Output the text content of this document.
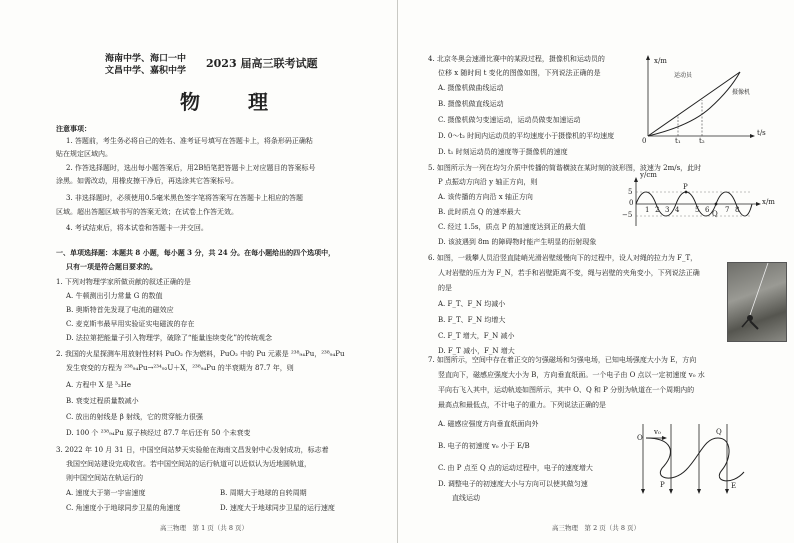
海南中学、海口一中
文昌中学、嘉积中学
2023 届高三联考试题
物　理
注意事项：
1. 答题前，考生务必将自己的姓名、准考证号填写在答题卡上，将条形码正确粘
贴在规定区域内。
2. 作答选择题时，选出每小题答案后，用2B铅笔把答题卡上对应题目的答案标号
涂黑。如需改动，用橡皮擦干净后，再选涂其它答案标号。
3. 非选择题时，必须使用0.5毫米黑色签字笔将答案写在答题卡上相应的答题
区域。超出答题区域书写的答案无效；在试卷上作答无效。
4. 考试结束后，将本试卷和答题卡一并交回。
一、单项选择题：本题共 8 小题，每小题 3 分，共 24 分。在每小题给出的四个选项中，
只有一项是符合题目要求的。
1. 下列对物理学家所做贡献的叙述正确的是
A. 牛顿测出引力常量 G 的数值
B. 奥斯特首先发现了电流的磁效应
C. 麦克斯韦最早用实验证实电磁波的存在
D. 法拉第把能量子引入物理学，破除了“能量连续变化”的传统观念
2. 我国的火星探测车用放射性材料 PuO₂ 作为燃料，PuO₂ 中的 Pu 元素是 ²³⁸₉₄Pu，²³⁸₉₄Pu
发生衰变的方程为 ²³⁸₉₄Pu→²³⁴₉₂U＋X，²³⁸₉₄Pu 的半衰期为 87.7 年，则
A. 方程中 X 是 ³₂He
B. 衰变过程质量数减小
C. 放出的射线是 β 射线，它的贯穿能力很强
D. 100 个 ²³⁸₉₄Pu 原子核经过 87.7 年后还有 50 个未衰变
3. 2022 年 10 月 31 日，中国空间站梦天实验舱在海南文昌发射中心发射成功，标志着
我国空间站建设完成收官。若中国空间站的运行轨道可以近似认为近地圆轨道，
则中国空间站在轨运行的
A. 速度大于第一宇宙速度	B. 周期大于地球的自转周期
C. 角速度小于地球同步卫星的角速度	D. 速度大于地球同步卫星的运行速度
高三物理　第 1 页（共 8 页）
4. 北京冬奥会速滑比赛中的某段过程，摄像机和运动员的
位移 x 随时间 t 变化的图像如图，下列说法正确的是
A. 摄像机做曲线运动
B. 摄像机做直线运动
C. 摄像机做匀变速运动，运动员做变加速运动
D. 0～t₂ 时间内运动员的平均速度小于摄像机的平均速度
D. t₁ 时刻运动员的速度等于摄像机的速度
x/m
t/s
0	t₁	t₂
运动员
摄像机
5. 如图所示为一列在均匀介质中传播的简谐横波在某时刻的波形图，波速为 2m/s，此时
P 点振动方向沿 y 轴正方向，则
A. 该传播的方向沿 x 轴正方向
B. 此时质点 Q 的速率最大
C. 经过 1.5s，质点 P 的加速度达到正的最大值
D. 该波遇到 8m 的障碍物时能产生明显的衍射现象
y/cm
x/m
5
−5
0
1 2 3 4 5 6 7 8
P
Q
6. 如图，一栽攀人员沿竖直陡峭光滑岩壁缓慢向下的过程中，设人对绳的拉力为 F_T，
人对岩壁的压力为 F_N，若手和岩壁距离不变，绳与岩壁的夹角变小，下列说法正确
的是
A. F_T、F_N 均减小
B. F_T、F_N 均增大
C. F_T 增大，F_N 减小
D. F_T 减小，F_N 增大
7. 如图所示，空间中存在着正交的匀强磁场和匀强电场，已知电场强度大小为 E，方向
竖直向下，磁感应强度大小为 B，方向垂直纸面。一个电子由 O 点以一定初速度 v₀ 水
平向右飞入其中，运动轨迹如图所示，其中 O、Q 和 P 分别为轨道在一个周期内的
最高点和最低点，不计电子的重力。下列说法正确的是
A. 磁感应强度方向垂直纸面向外
B. 电子的初速度 v₀ 小于 E/B
C. 由 P 点至 Q 点的运动过程中，电子的速度增大
D. 调整电子的初速度大小与方向可以使其做匀速
直线运动
O
Q
P
v₀
E
高三物理　第 2 页（共 8 页）
